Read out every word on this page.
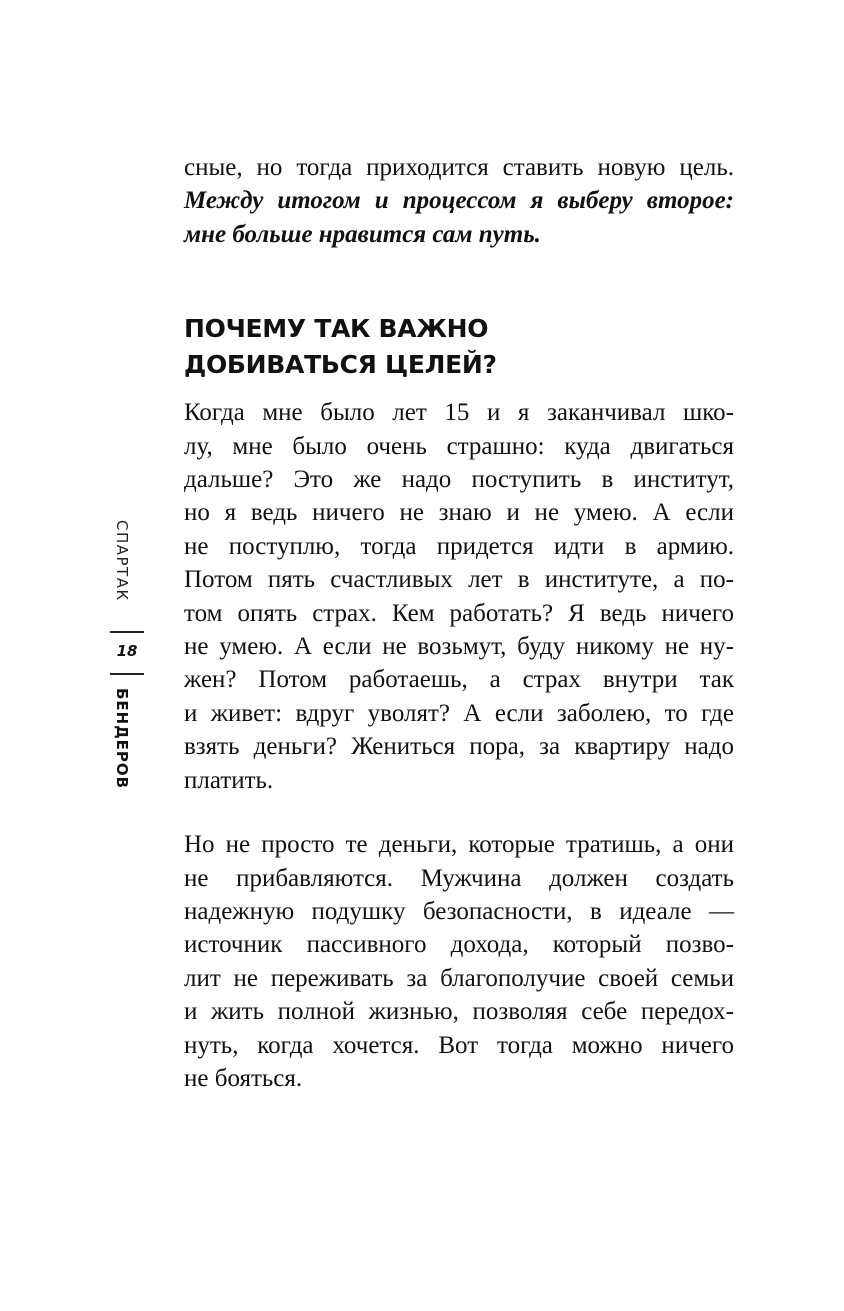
СПАРТАК
18
БЕНДЕРОВ

сные, но тогда приходится ставить новую цель.
Между итогом и процессом я выберу второе:
мне больше нравится сам путь.

ПОЧЕМУ ТАК ВАЖНО
ДОБИВАТЬСЯ ЦЕЛЕЙ?

Когда мне было лет 15 и я заканчивал шко-
лу, мне было очень страшно: куда двигаться
дальше? Это же надо поступить в институт,
но я ведь ничего не знаю и не умею. А если
не поступлю, тогда придется идти в армию.
Потом пять счастливых лет в институте, а по-
том опять страх. Кем работать? Я ведь ничего
не умею. А если не возьмут, буду никому не ну-
жен? Потом работаешь, а страх внутри так
и живет: вдруг уволят? А если заболею, то где
взять деньги? Жениться пора, за квартиру надо
платить.

Но не просто те деньги, которые тратишь, а они
не прибавляются. Мужчина должен создать
надежную подушку безопасности, в идеале —
источник пассивного дохода, который позво-
лит не переживать за благополучие своей семьи
и жить полной жизнью, позволяя себе передох-
нуть, когда хочется. Вот тогда можно ничего
не бояться.
